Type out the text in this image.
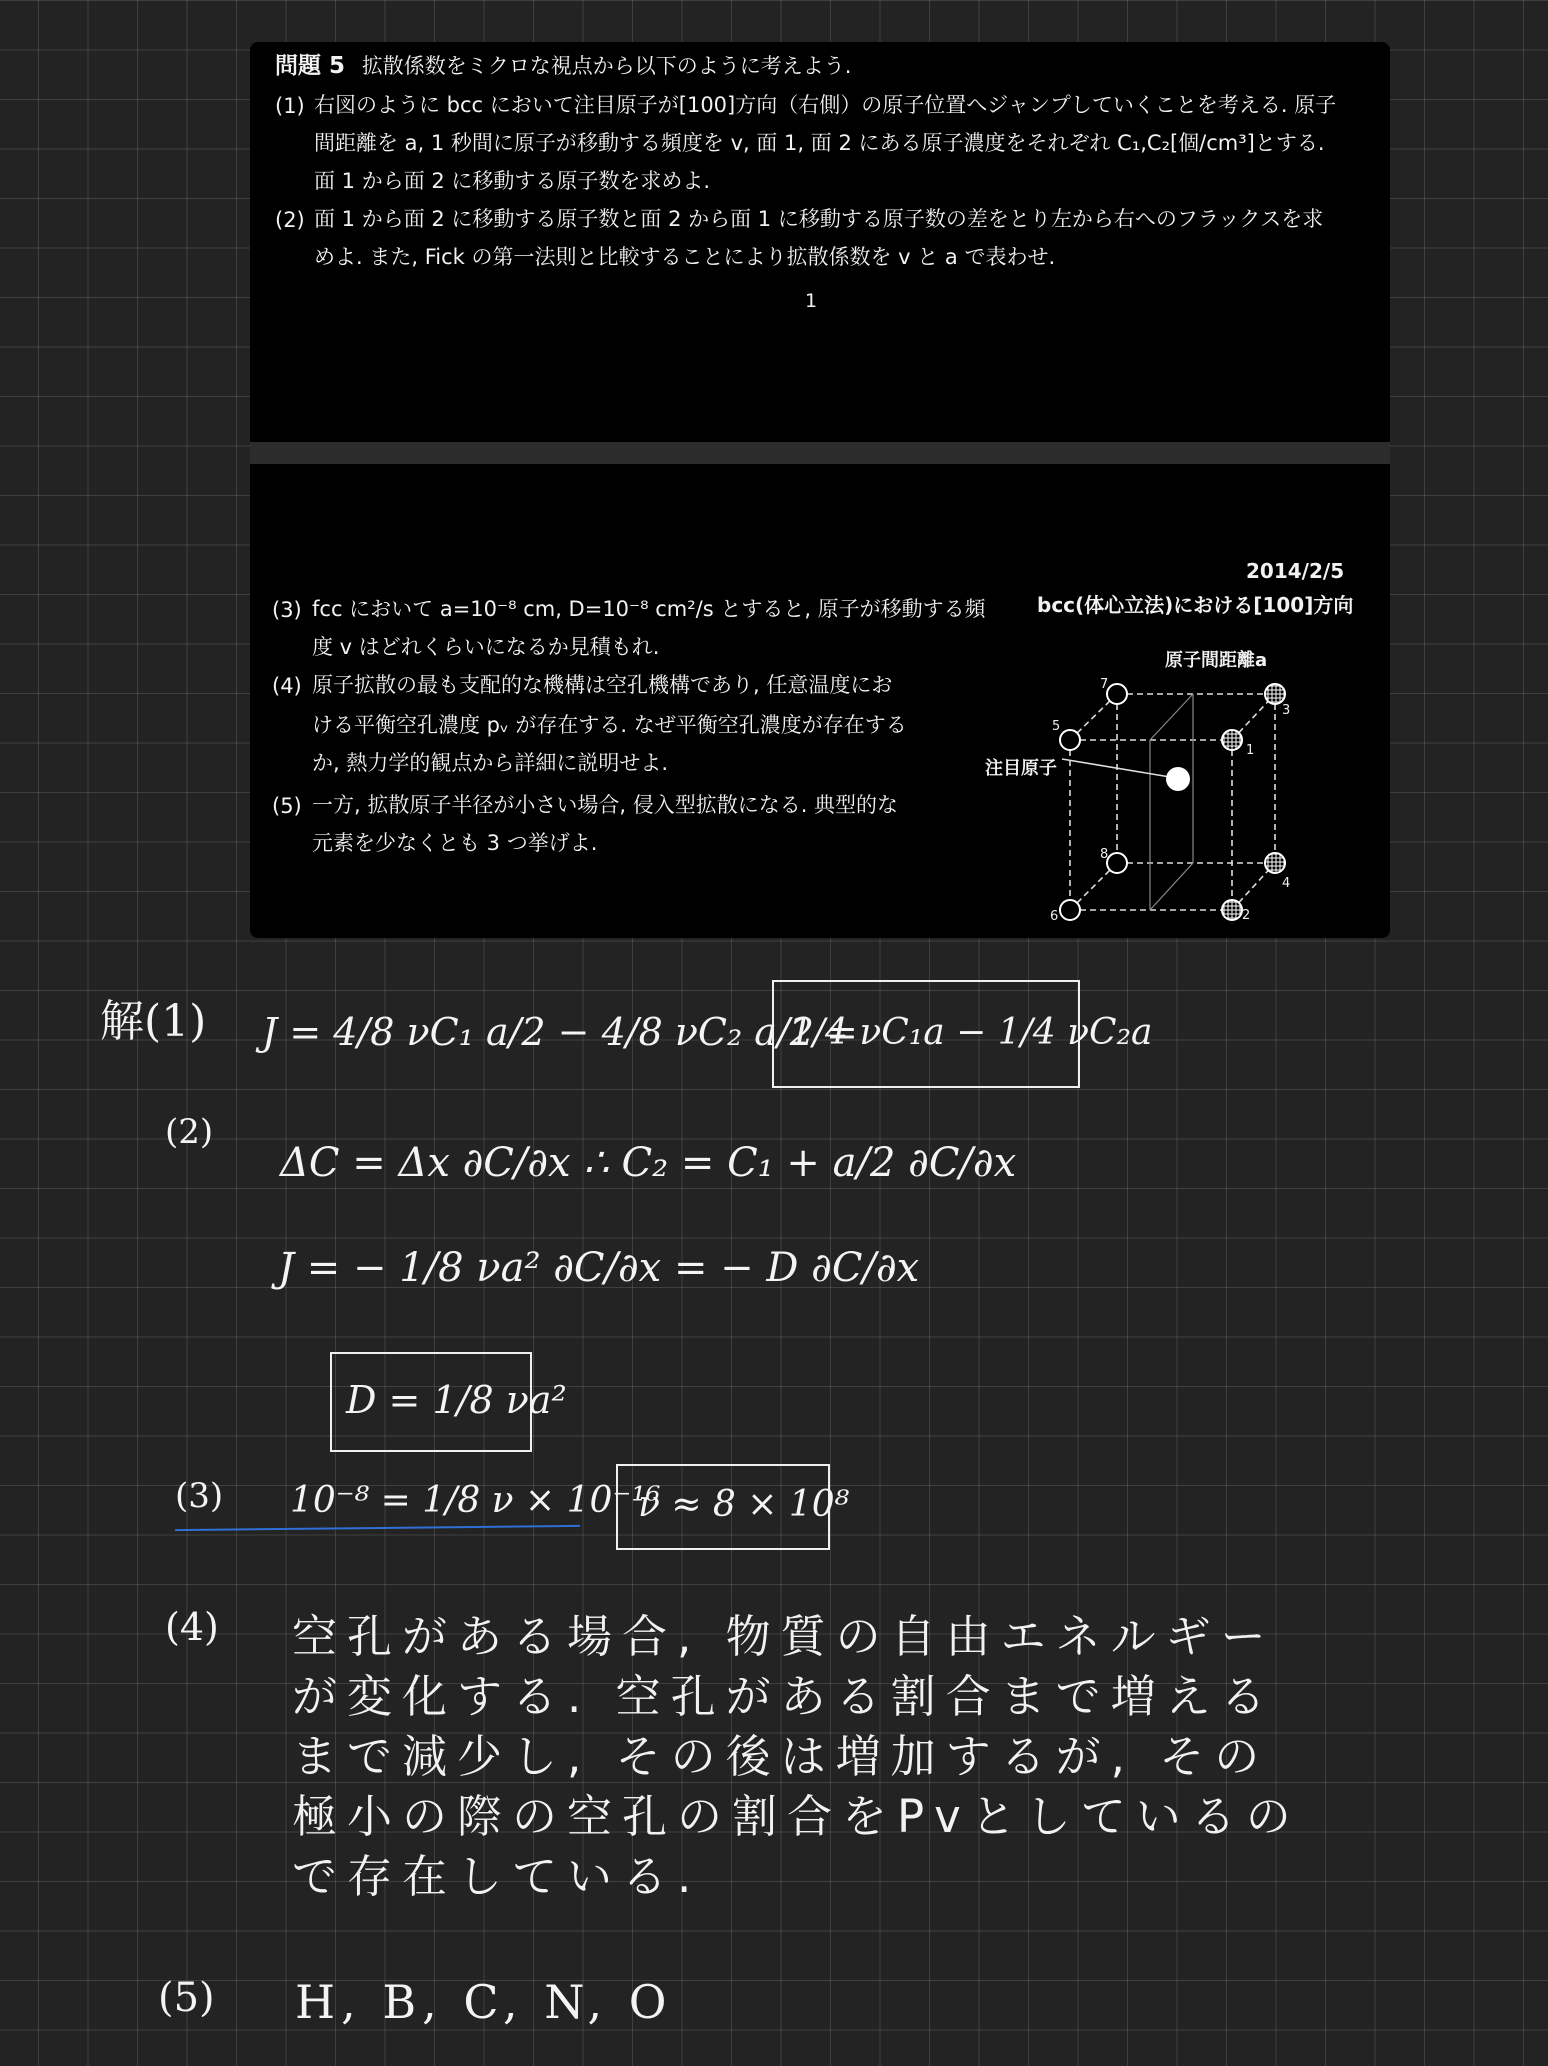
問題 5 拡散係数をミクロな視点から以下のように考えよう.
(1) 右図のように bcc において注目原子が[100]方向（右側）の原子位置へジャンプしていくことを考える. 原子
間距離を a, 1 秒間に原子が移動する頻度を v, 面 1, 面 2 にある原子濃度をそれぞれ C₁,C₂[個/cm³]とする.
面 1 から面 2 に移動する原子数を求めよ.
(2) 面 1 から面 2 に移動する原子数と面 2 から面 1 に移動する原子数の差をとり左から右へのフラックスを求
めよ. また, Fick の第一法則と比較することにより拡散係数を v と a で表わせ.
1
2014/2/5
(3) fcc において a=10⁻⁸ cm, D=10⁻⁸ cm²/s とすると, 原子が移動する頻
度 v はどれくらいになるか見積もれ.
(4) 原子拡散の最も支配的な機構は空孔機構であり, 任意温度にお
ける平衡空孔濃度 pᵥ が存在する. なぜ平衡空孔濃度が存在する
か, 熱力学的観点から詳細に説明せよ.
(5) 一方, 拡散原子半径が小さい場合, 侵入型拡散になる. 典型的な
元素を少なくとも 3 つ挙げよ.
bcc(体心立法)における[100]方向
原子間距離a
注目原子
1
2
3
4
5
6
7
8
解(1) J = 4/8 νC₁ a/2 − 4/8 νC₂ a/2 =
1/4 νC₁a − 1/4 νC₂a
(2)
ΔC = Δx ∂C/∂x ∴ C₂ = C₁ + a/2 ∂C/∂x
J = − 1/8 νa² ∂C/∂x = − D ∂C/∂x
D = 1/8 νa²
(3) 10⁻⁸ = 1/8 ν × 10⁻¹⁶
ν ≈ 8 × 10⁸
(4) 空孔がある場合, 物質の自由エネルギー
が変化する. 空孔がある割合まで増える
まで減少し, その後は増加するが, その
極小の際の空孔の割合をPvとしているの
で存在している.
(5) H, B, C, N, O
